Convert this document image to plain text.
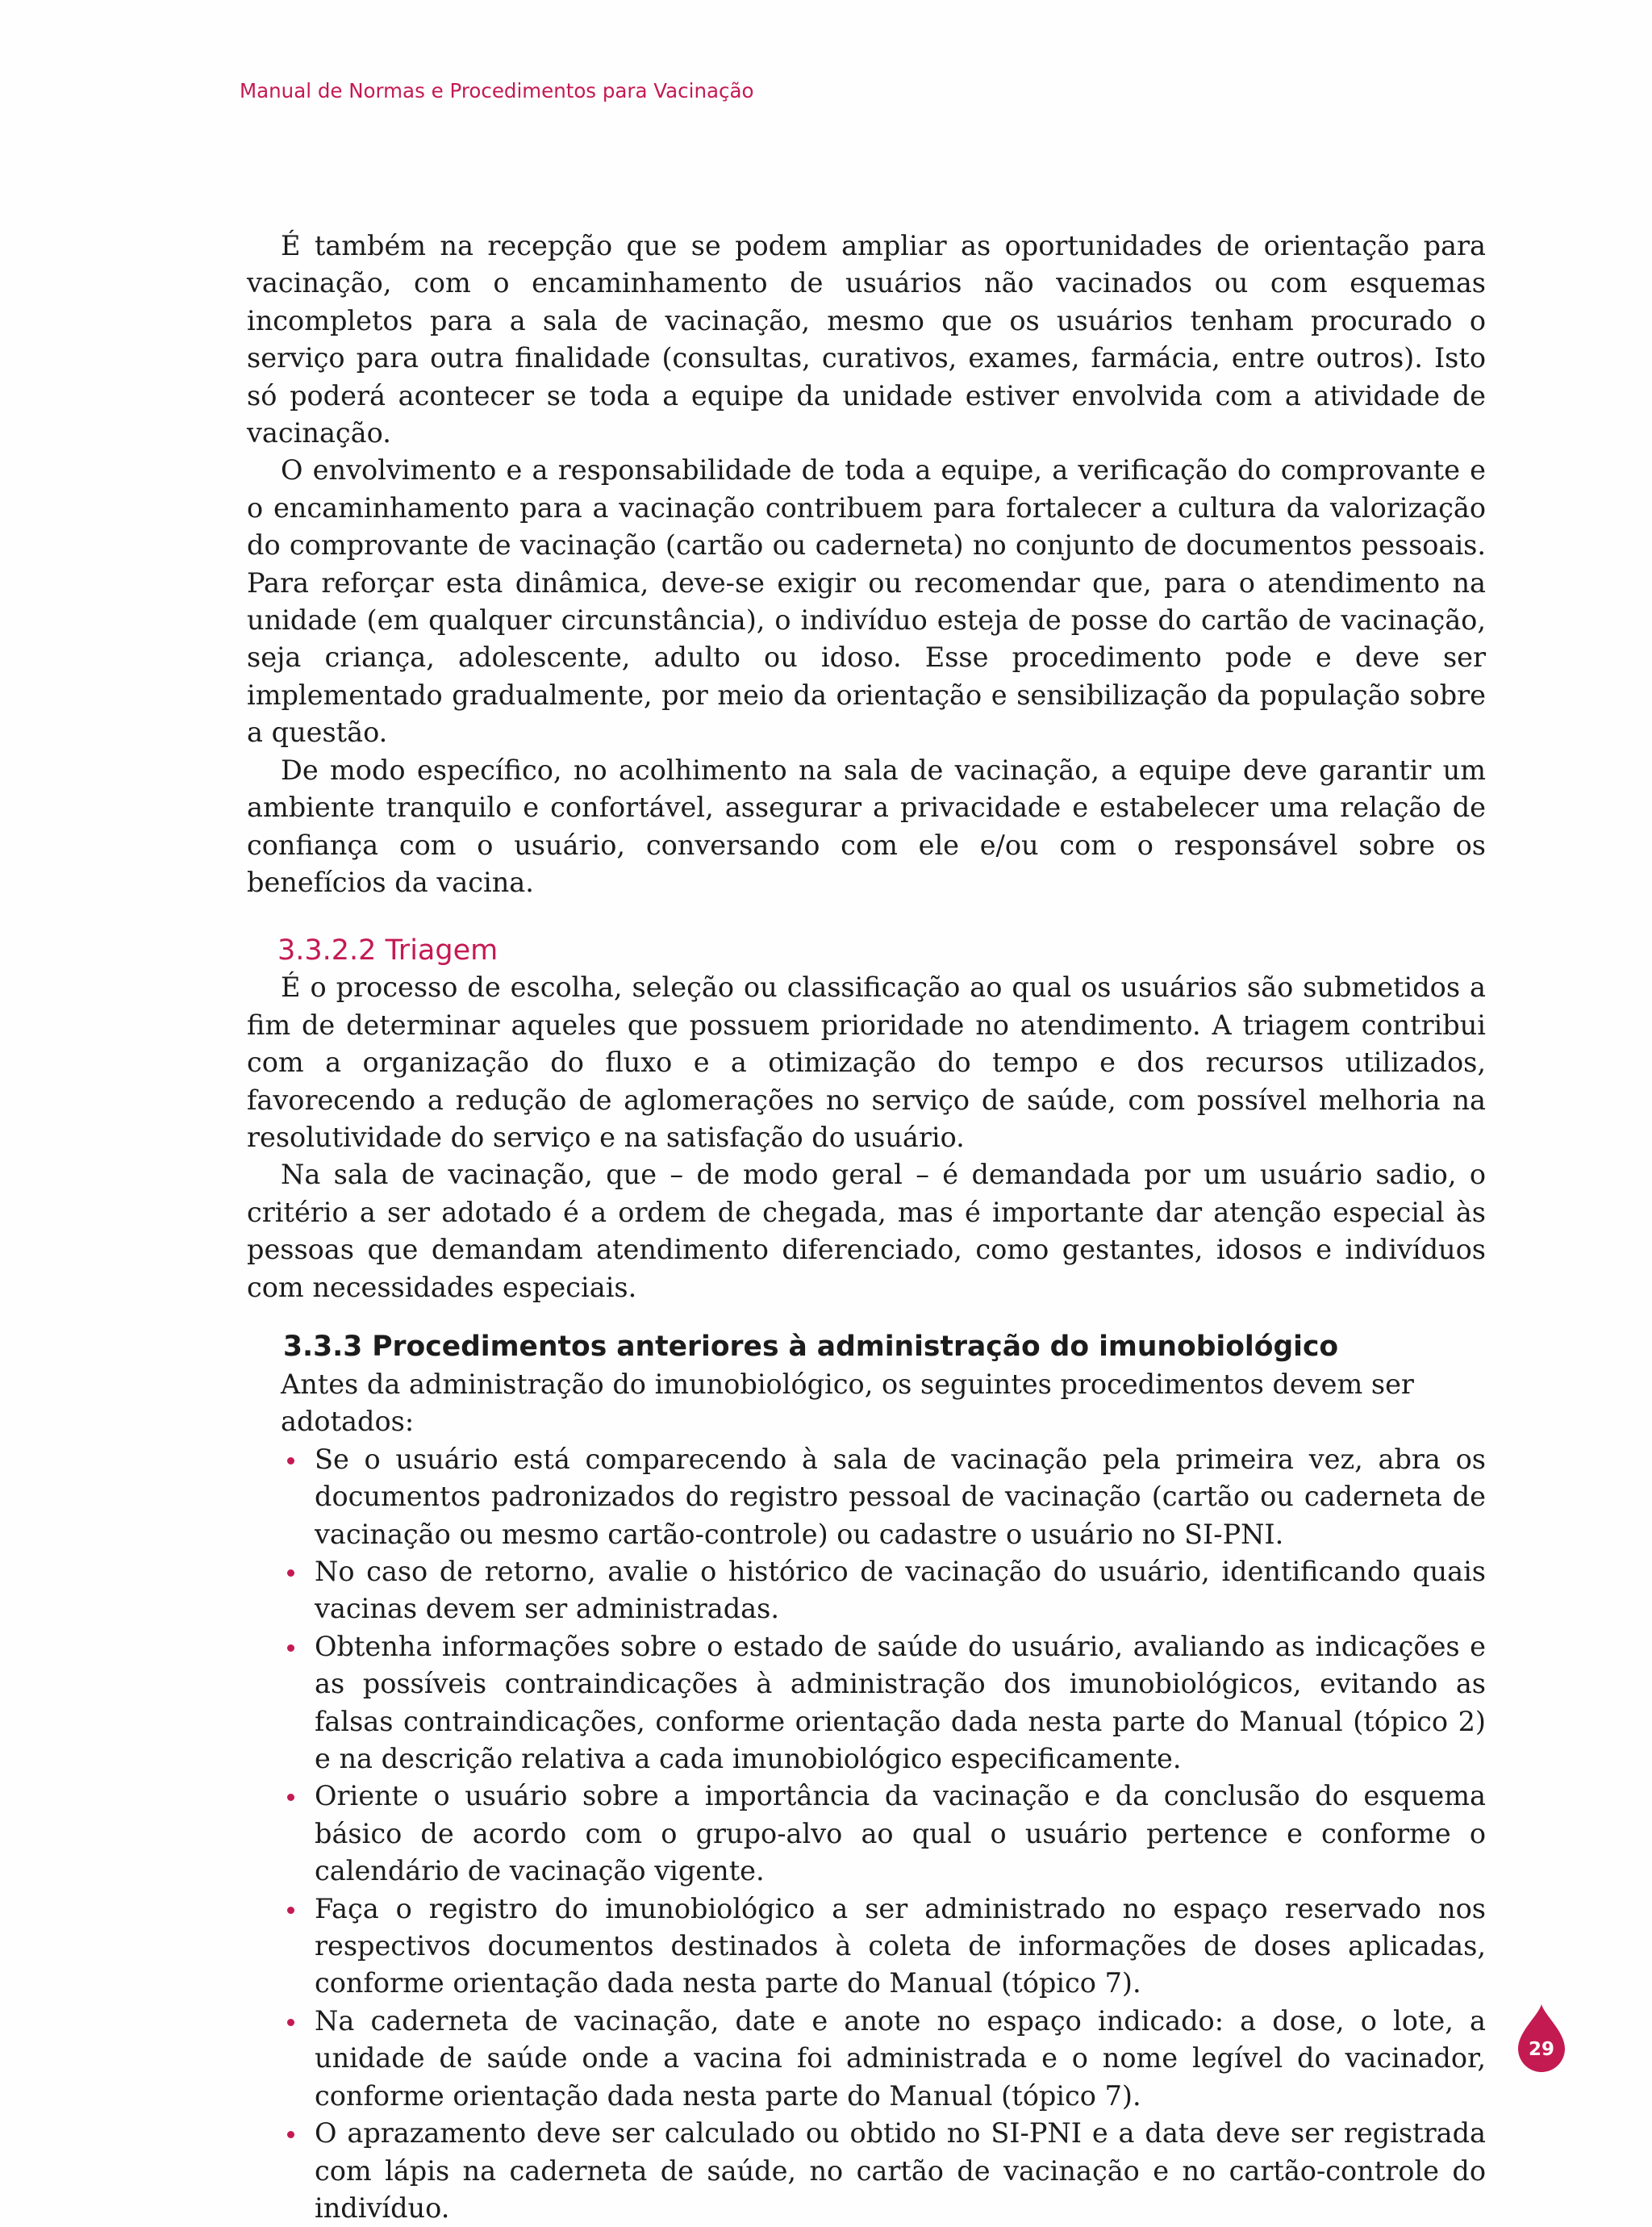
Manual de Normas e Procedimentos para Vacinação

É também na recepção que se podem ampliar as oportunidades de orientação para vacinação, com o encaminhamento de usuários não vacinados ou com esquemas incompletos para a sala de vacinação, mesmo que os usuários tenham procurado o serviço para outra finalidade (consultas, curativos, exames, farmácia, entre outros). Isto só poderá acontecer se toda a equipe da unidade estiver envolvida com a atividade de vacinação.

O envolvimento e a responsabilidade de toda a equipe, a verificação do comprovante e o encaminhamento para a vacinação contribuem para fortalecer a cultura da valorização do comprovante de vacinação (cartão ou caderneta) no conjunto de documentos pessoais. Para reforçar esta dinâmica, deve-se exigir ou recomendar que, para o atendimento na unidade (em qualquer circunstância), o indivíduo esteja de posse do cartão de vacinação, seja criança, adolescente, adulto ou idoso. Esse procedimento pode e deve ser implementado gradualmente, por meio da orientação e sensibilização da população sobre a questão.

De modo específico, no acolhimento na sala de vacinação, a equipe deve garantir um ambiente tranquilo e confortável, assegurar a privacidade e estabelecer uma relação de confiança com o usuário, conversando com ele e/ou com o responsável sobre os benefícios da vacina.

3.3.2.2 Triagem

É o processo de escolha, seleção ou classificação ao qual os usuários são submetidos a fim de determinar aqueles que possuem prioridade no atendimento. A triagem contribui com a organização do fluxo e a otimização do tempo e dos recursos utilizados, favorecendo a redução de aglomerações no serviço de saúde, com possível melhoria na resolutividade do serviço e na satisfação do usuário.

Na sala de vacinação, que – de modo geral – é demandada por um usuário sadio, o critério a ser adotado é a ordem de chegada, mas é importante dar atenção especial às pessoas que demandam atendimento diferenciado, como gestantes, idosos e indivíduos com necessidades especiais.

3.3.3 Procedimentos anteriores à administração do imunobiológico

Antes da administração do imunobiológico, os seguintes procedimentos devem ser adotados:

Se o usuário está comparecendo à sala de vacinação pela primeira vez, abra os documentos padronizados do registro pessoal de vacinação (cartão ou caderneta de vacinação ou mesmo cartão-controle) ou cadastre o usuário no SI-PNI.
No caso de retorno, avalie o histórico de vacinação do usuário, identificando quais vacinas devem ser administradas.
Obtenha informações sobre o estado de saúde do usuário, avaliando as indicações e as possíveis contraindicações à administração dos imunobiológicos, evitando as falsas contraindicações, conforme orientação dada nesta parte do Manual (tópico 2) e na descrição relativa a cada imunobiológico especificamente.
Oriente o usuário sobre a importância da vacinação e da conclusão do esquema básico de acordo com o grupo-alvo ao qual o usuário pertence e conforme o calendário de vacinação vigente.
Faça o registro do imunobiológico a ser administrado no espaço reservado nos respectivos documentos destinados à coleta de informações de doses aplicadas, conforme orientação dada nesta parte do Manual (tópico 7).
Na caderneta de vacinação, date e anote no espaço indicado: a dose, o lote, a unidade de saúde onde a vacina foi administrada e o nome legível do vacinador, conforme orientação dada nesta parte do Manual (tópico 7).
O aprazamento deve ser calculado ou obtido no SI-PNI e a data deve ser registrada com lápis na caderneta de saúde, no cartão de vacinação e no cartão-controle do indivíduo.
29
